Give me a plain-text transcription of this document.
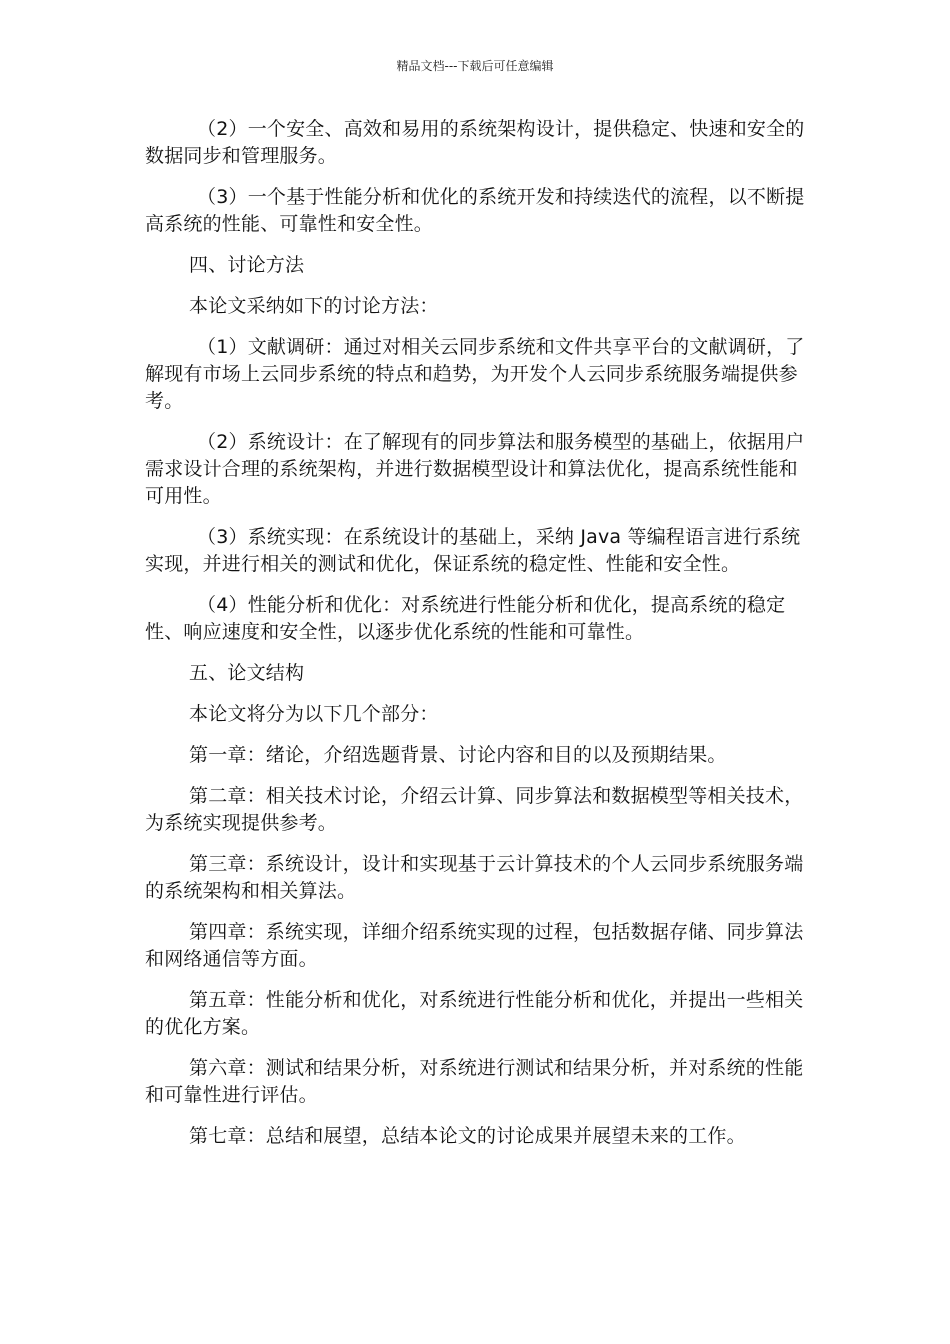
精品文档---下载后可任意编辑

（2）一个安全、高效和易用的系统架构设计，提供稳定、快速和安全的数据同步和管理服务。

（3）一个基于性能分析和优化的系统开发和持续迭代的流程，以不断提高系统的性能、可靠性和安全性。

四、讨论方法

本论文采纳如下的讨论方法：

（1）文献调研：通过对相关云同步系统和文件共享平台的文献调研，了解现有市场上云同步系统的特点和趋势，为开发个人云同步系统服务端提供参考。

（2）系统设计：在了解现有的同步算法和服务模型的基础上，依据用户需求设计合理的系统架构，并进行数据模型设计和算法优化，提高系统性能和可用性。

（3）系统实现：在系统设计的基础上，采纳 Java 等编程语言进行系统实现，并进行相关的测试和优化，保证系统的稳定性、性能和安全性。

（4）性能分析和优化：对系统进行性能分析和优化，提高系统的稳定性、响应速度和安全性，以逐步优化系统的性能和可靠性。

五、论文结构

本论文将分为以下几个部分：

第一章：绪论，介绍选题背景、讨论内容和目的以及预期结果。

第二章：相关技术讨论，介绍云计算、同步算法和数据模型等相关技术，为系统实现提供参考。

第三章：系统设计，设计和实现基于云计算技术的个人云同步系统服务端的系统架构和相关算法。

第四章：系统实现，详细介绍系统实现的过程，包括数据存储、同步算法和网络通信等方面。

第五章：性能分析和优化，对系统进行性能分析和优化，并提出一些相关的优化方案。

第六章：测试和结果分析，对系统进行测试和结果分析，并对系统的性能和可靠性进行评估。

第七章：总结和展望，总结本论文的讨论成果并展望未来的工作。
